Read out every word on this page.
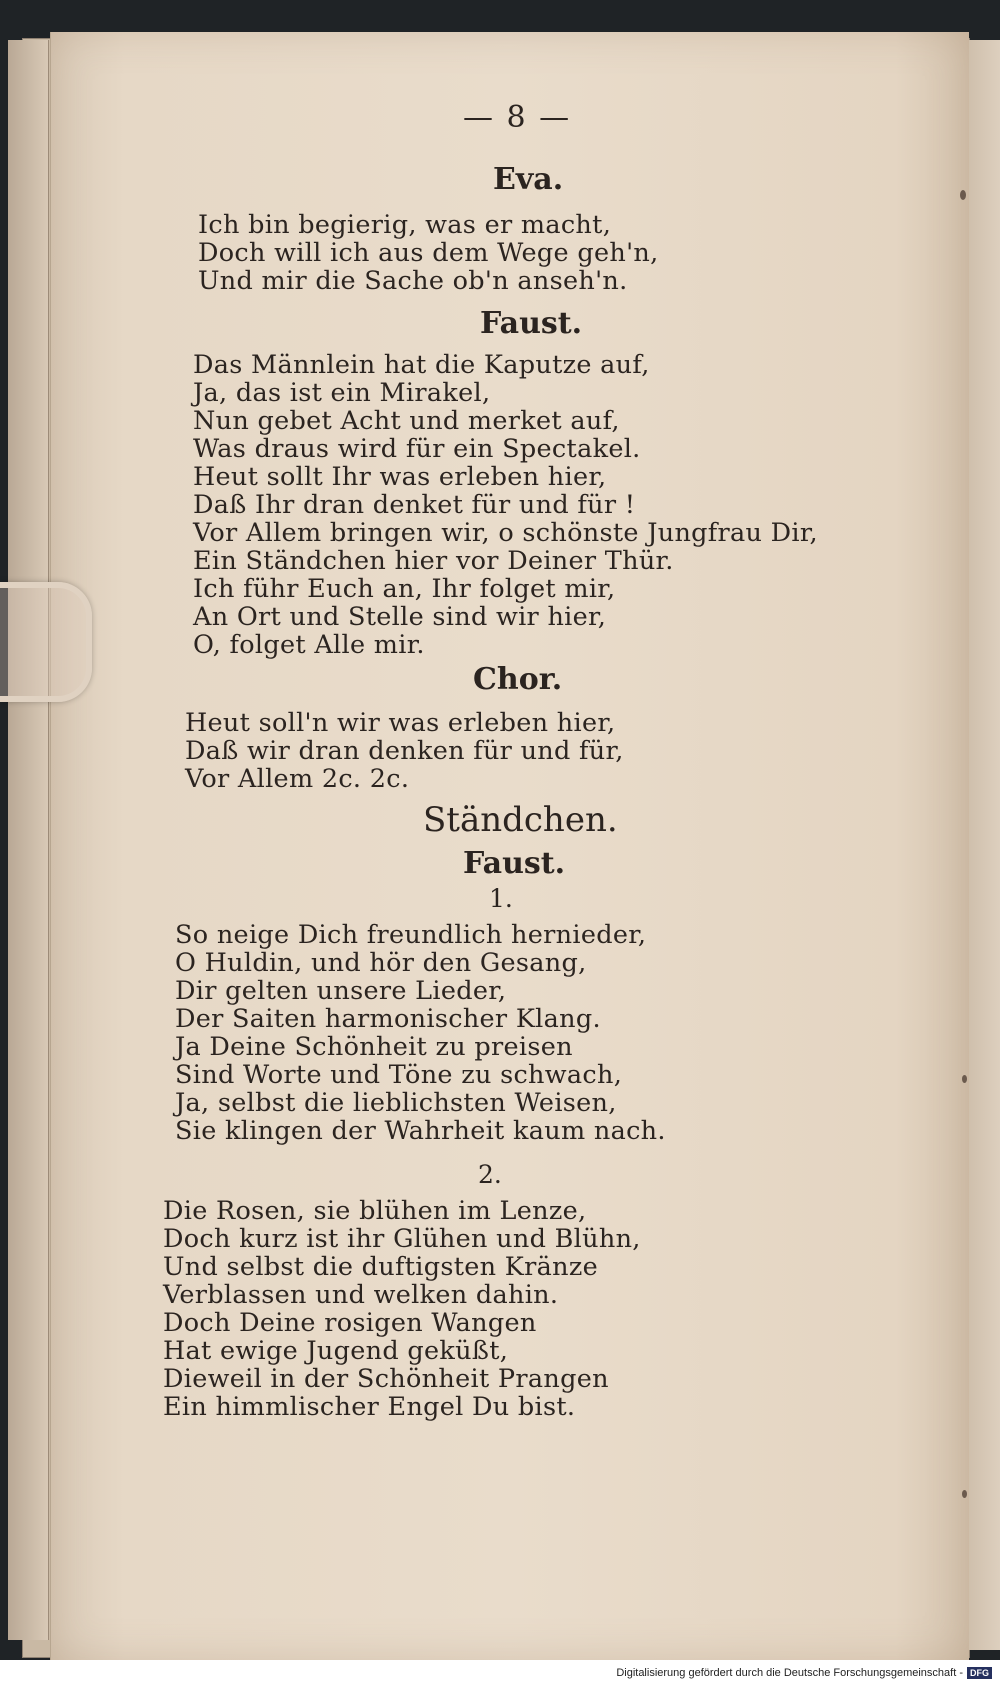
— 8 —
Eva.
Ich bin begierig, was er macht,
Doch will ich aus dem Wege geh'n,
Und mir die Sache ob'n anseh'n.
Faust.
Das Männlein hat die Kaputze auf,
Ja, das ist ein Mirakel,
Nun gebet Acht und merket auf,
Was draus wird für ein Spectakel.
Heut sollt Ihr was erleben hier,
Daß Ihr dran denket für und für !
Vor Allem bringen wir, o schönste Jungfrau Dir,
Ein Ständchen hier vor Deiner Thür.
Ich führ Euch an, Ihr folget mir,
An Ort und Stelle sind wir hier,
O, folget Alle mir.
Chor.
Heut soll'n wir was erleben hier,
Daß wir dran denken für und für,
Vor Allem 2c. 2c.
Ständchen.
Faust.
1.
So neige Dich freundlich hernieder,
O Huldin, und hör den Gesang,
Dir gelten unsere Lieder,
Der Saiten harmonischer Klang.
Ja Deine Schönheit zu preisen
Sind Worte und Töne zu schwach,
Ja, selbst die lieblichsten Weisen,
Sie klingen der Wahrheit kaum nach.
2.
Die Rosen, sie blühen im Lenze,
Doch kurz ist ihr Glühen und Blühn,
Und selbst die duftigsten Kränze
Verblassen und welken dahin.
Doch Deine rosigen Wangen
Hat ewige Jugend geküßt,
Dieweil in der Schönheit Prangen
Ein himmlischer Engel Du bist.
Digitalisierung gefördert durch die Deutsche Forschungsgemeinschaft - DFG
